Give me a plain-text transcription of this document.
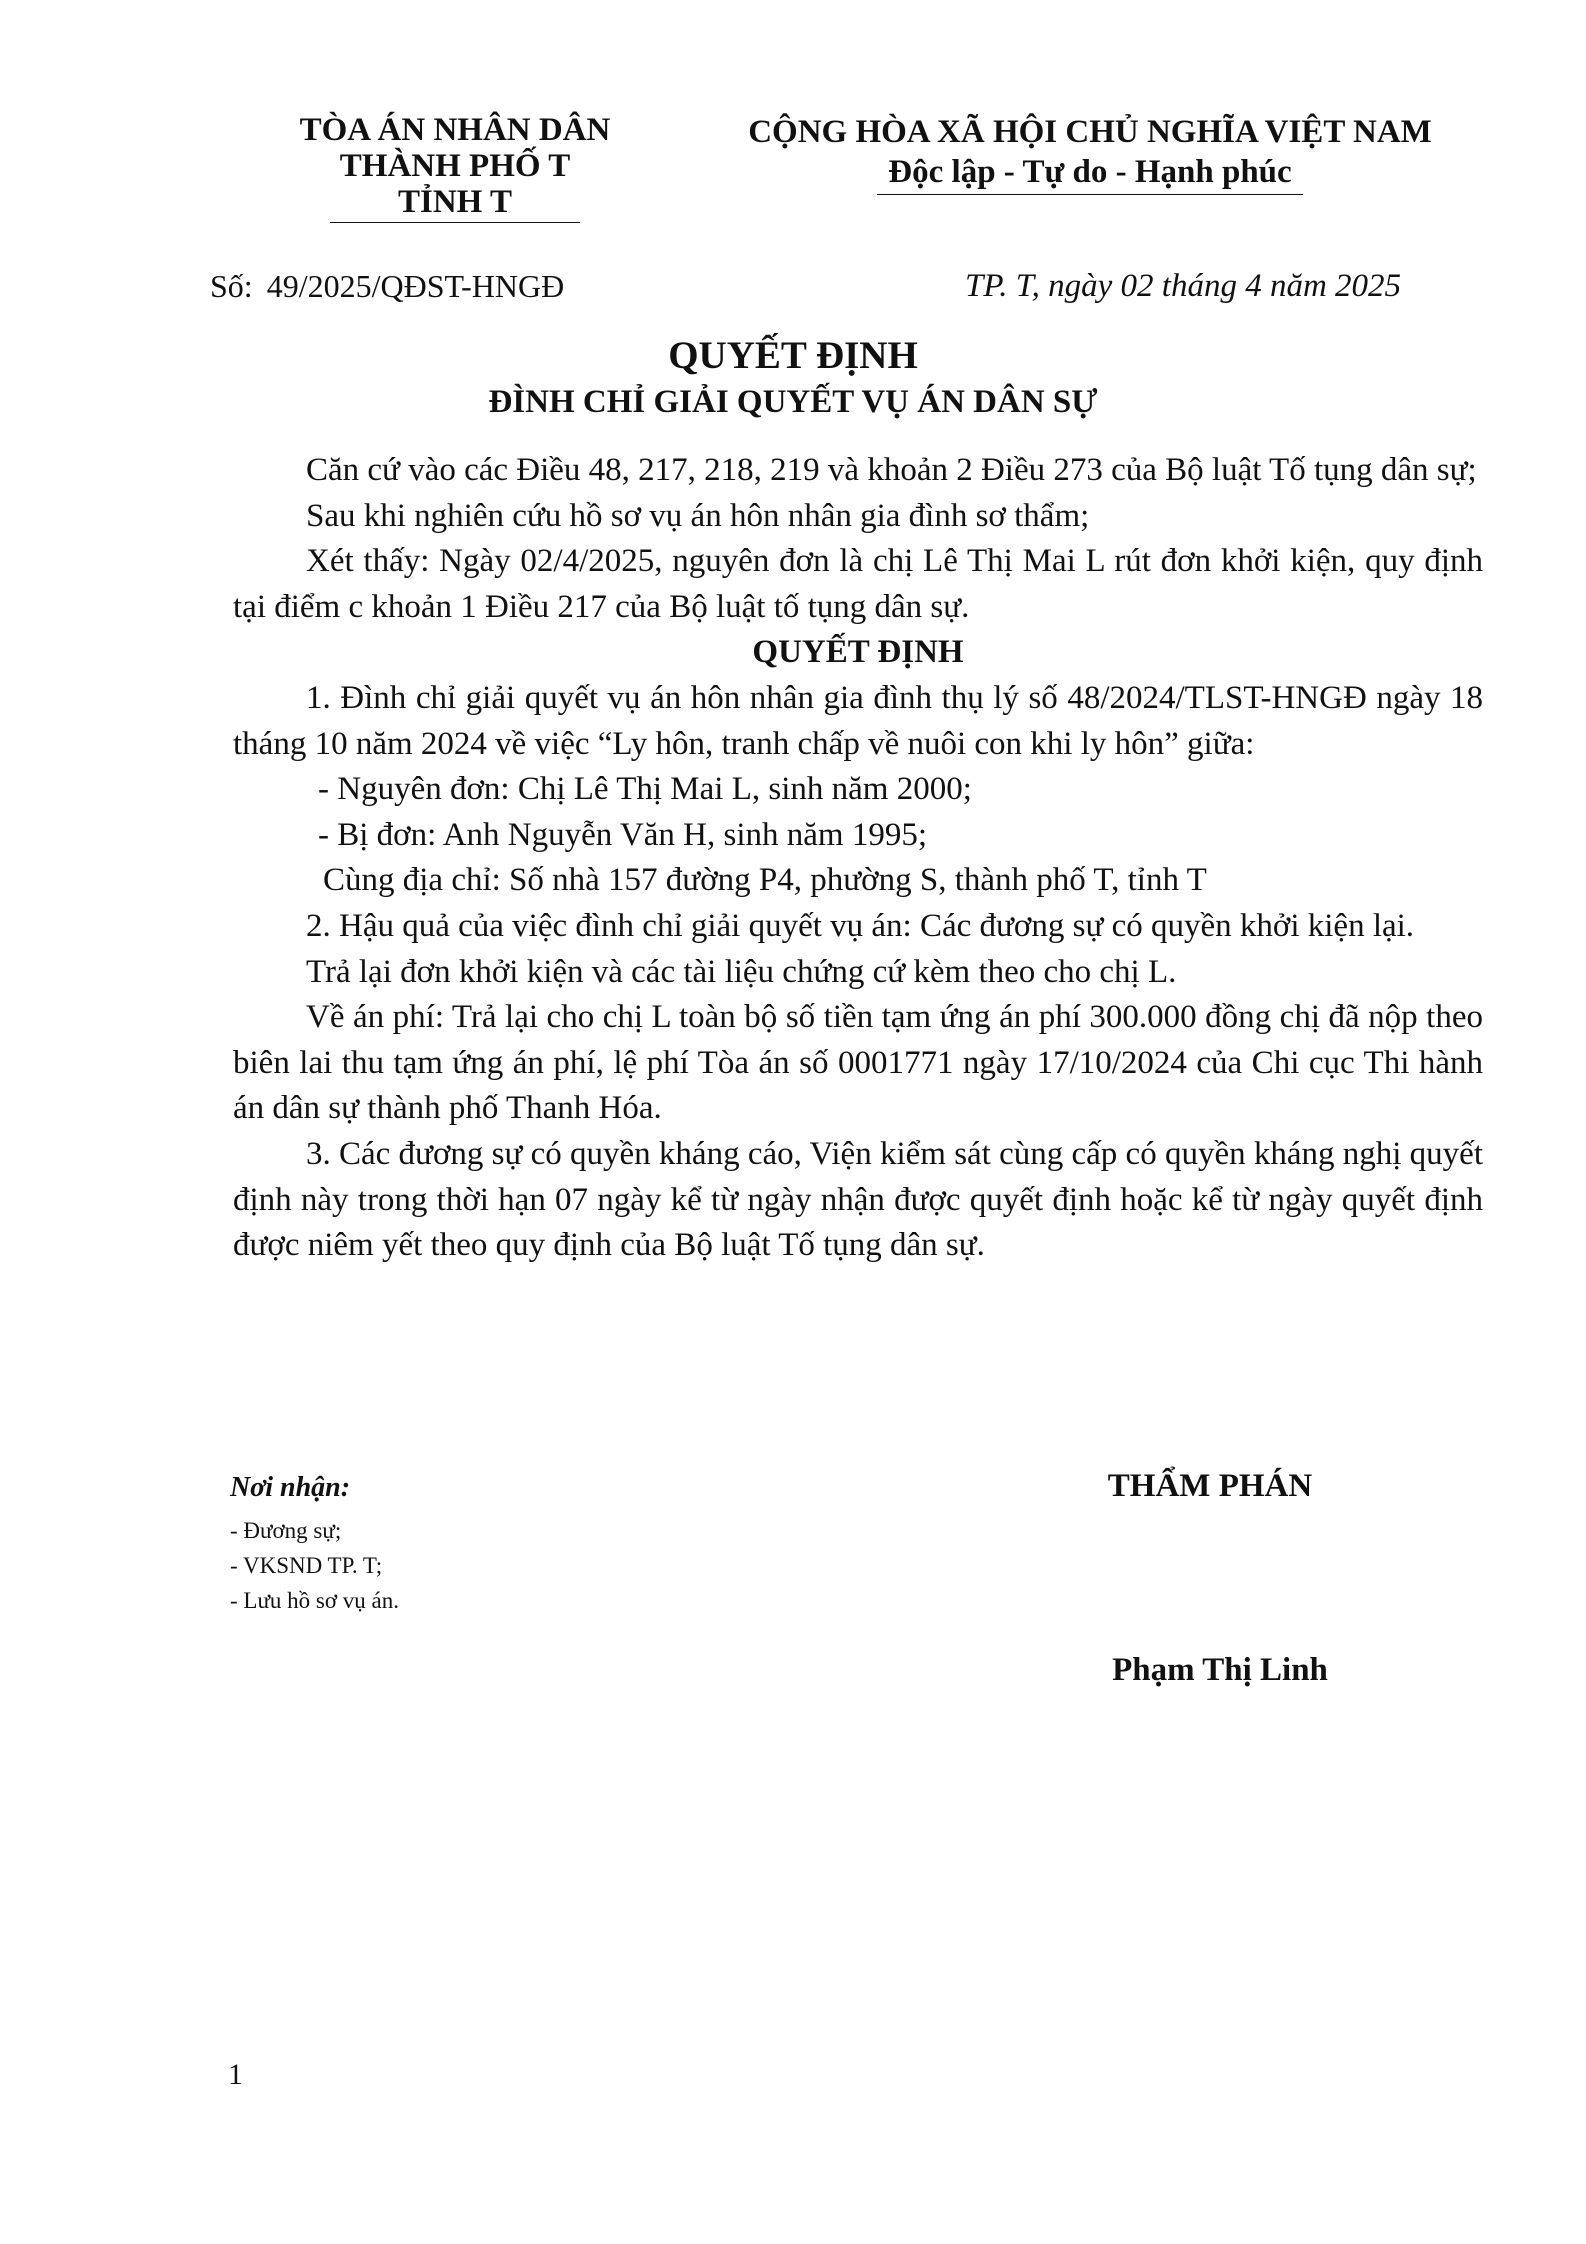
TÒA ÁN NHÂN DÂN
THÀNH PHỐ T
TỈNH T
CỘNG HÒA XÃ HỘI CHỦ NGHĨA VIỆT NAM
Độc lập - Tự do - Hạnh phúc
Số: 49/2025/QĐST-HNGĐ	TP. T, ngày 02 tháng 4 năm 2025
QUYẾT ĐỊNH
ĐÌNH CHỈ GIẢI QUYẾT VỤ ÁN DÂN SỰ

Căn cứ vào các Điều 48, 217, 218, 219 và khoản 2 Điều 273 của Bộ luật Tố tụng dân sự;

Sau khi nghiên cứu hồ sơ vụ án hôn nhân gia đình sơ thẩm;

Xét thấy: Ngày 02/4/2025, nguyên đơn là chị Lê Thị Mai L rút đơn khởi kiện, quy định tại điểm c khoản 1 Điều 217 của Bộ luật tố tụng dân sự.

QUYẾT ĐỊNH

1. Đình chỉ giải quyết vụ án hôn nhân gia đình thụ lý số 48/2024/TLST-HNGĐ ngày 18 tháng 10 năm 2024 về việc “Ly hôn, tranh chấp về nuôi con khi ly hôn” giữa:

- Nguyên đơn: Chị Lê Thị Mai L, sinh năm 2000;

- Bị đơn: Anh Nguyễn Văn H, sinh năm 1995;

Cùng địa chỉ: Số nhà 157 đường P4, phường S, thành phố T, tỉnh T

2. Hậu quả của việc đình chỉ giải quyết vụ án: Các đương sự có quyền khởi kiện lại.

Trả lại đơn khởi kiện và các tài liệu chứng cứ kèm theo cho chị L.

Về án phí: Trả lại cho chị L toàn bộ số tiền tạm ứng án phí 300.000 đồng chị đã nộp theo biên lai thu tạm ứng án phí, lệ phí Tòa án số 0001771 ngày 17/10/2024 của Chi cục Thi hành án dân sự thành phố Thanh Hóa.

3. Các đương sự có quyền kháng cáo, Viện kiểm sát cùng cấp có quyền kháng nghị quyết định này trong thời hạn 07 ngày kể từ ngày nhận được quyết định hoặc kể từ ngày quyết định được niêm yết theo quy định của Bộ luật Tố tụng dân sự.

Nơi nhận:
- Đương sự;
- VKSND TP. T;
- Lưu hồ sơ vụ án.
THẨM PHÁN
Phạm Thị Linh
1
